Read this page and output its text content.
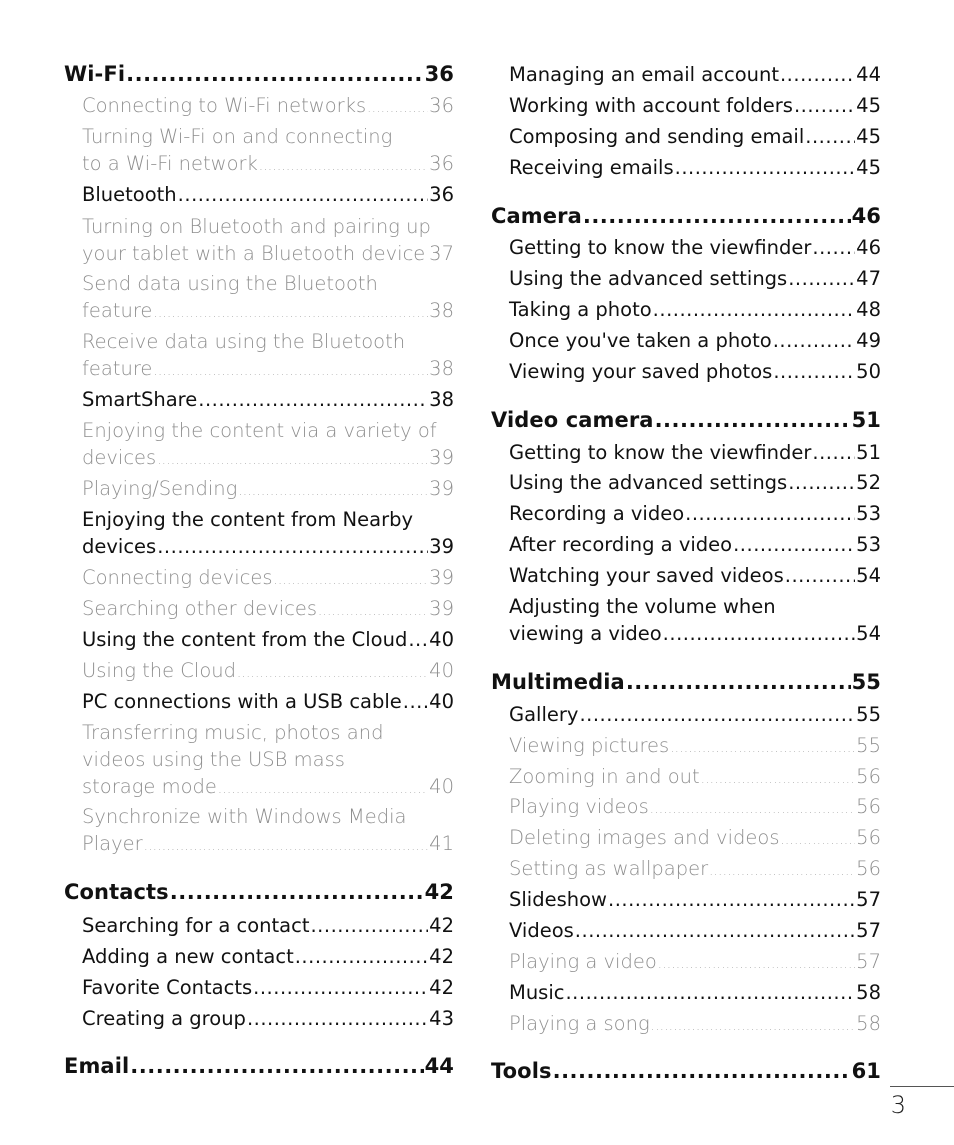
Wi-Fi .....	36
Connecting to Wi-Fi networks .....	36
Turning Wi-Fi on and connecting
to a Wi-Fi network .....	36
Bluetooth .....	36
Turning on Bluetooth and pairing up
your tablet with a Bluetooth device ..... 37
Send data using the Bluetooth
feature .....	38
Receive data using the Bluetooth
feature .....	38
SmartShare .....	38
Enjoying the content via a variety of
devices .....	39
Playing/Sending .....	39
Enjoying the content from Nearby
devices .....	39
Connecting devices .....	39
Searching other devices .....	39
Using the content from the Cloud ..... 40
Using the Cloud .....	40
PC connections with a USB cable ..... 40
Transferring music, photos and
videos using the USB mass
storage mode .....	40
Synchronize with Windows Media
Player .....	41
Contacts .....	42
Searching for a contact .....	42
Adding a new contact .....	42
Favorite Contacts .....	42
Creating a group .....	43
Email .....	44
Managing an email account .....	44
Working with account folders .....	45
Composing and sending email .....	45
Receiving emails .....	45
Camera .....	46
Getting to know the viewfinder ..... 46
Using the advanced settings .....	47
Taking a photo .....	48
Once you've taken a photo .....	49
Viewing your saved photos .....	50
Video camera .....	51
Getting to know the viewfinder ..... 51
Using the advanced settings .....	52
Recording a video .....	53
After recording a video .....	53
Watching your saved videos .....	54
Adjusting the volume when
viewing a video .....	54
Multimedia .....	55
Gallery .....	55
Viewing pictures .....	55
Zooming in and out .....	56
Playing videos .....	56
Deleting images and videos .....	56
Setting as wallpaper .....	56
Slideshow .....	57
Videos .....	57
Playing a video .....	57
Music .....	58
Playing a song .....	58
Tools .....	61
3
